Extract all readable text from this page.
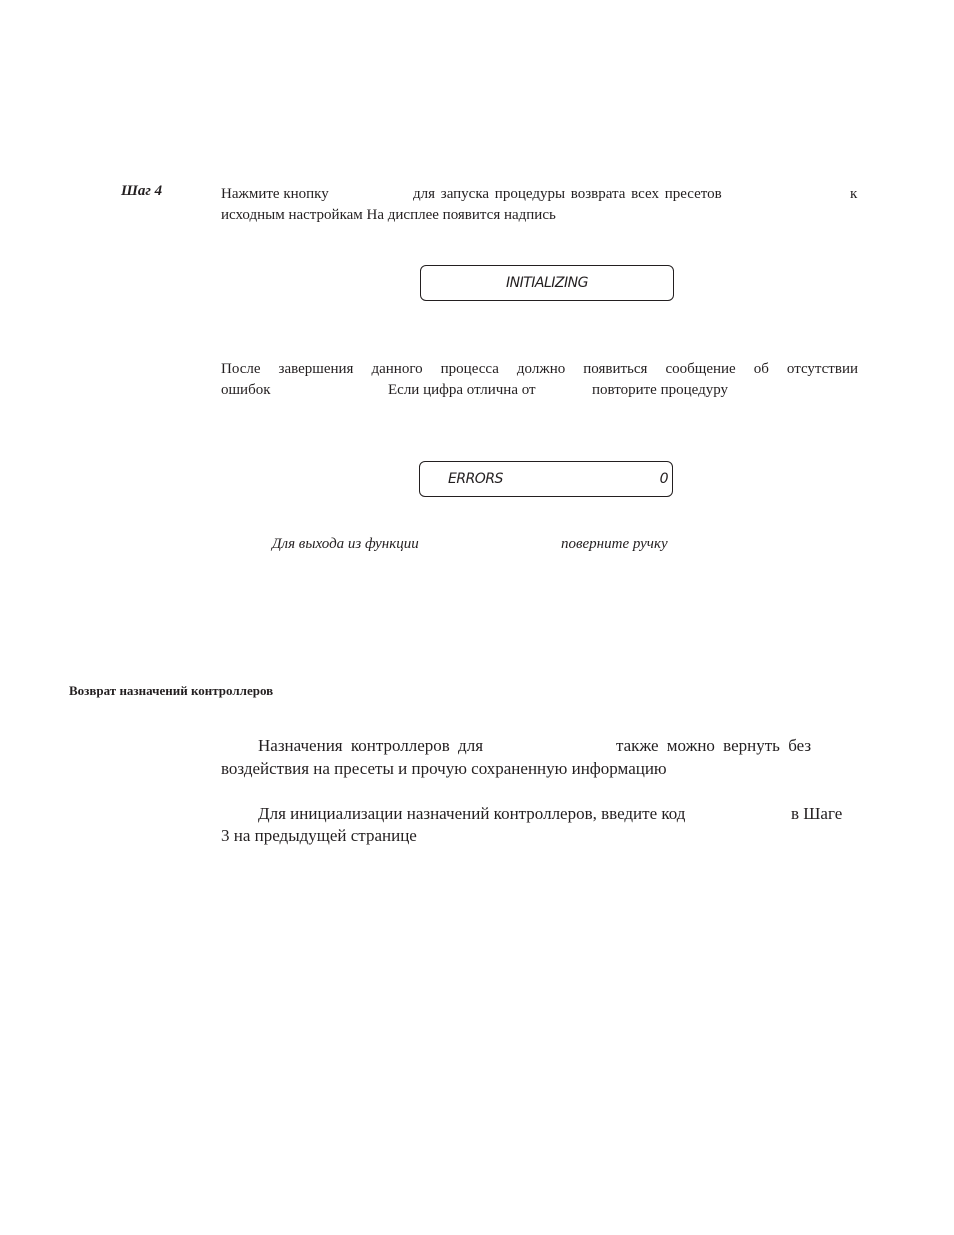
Шаг 4	Нажмите кнопку	для запуска процедуры возврата всех пресетов	к
исходным настройкам На дисплее появится надпись
INITIALIZING
После завершения данного процесса должно появиться сообщение об отсутствии
ошибок	Если цифра отлична от	повторите процедуру
ERRORS	0
Для выхода из функции	поверните ручку
Возврат назначений контроллеров
Назначения контроллеров для	также можно вернуть без
воздействия на пресеты и прочую сохраненную информацию
Для инициализации назначений контроллеров, введите код	в Шаге
3 на предыдущей странице
